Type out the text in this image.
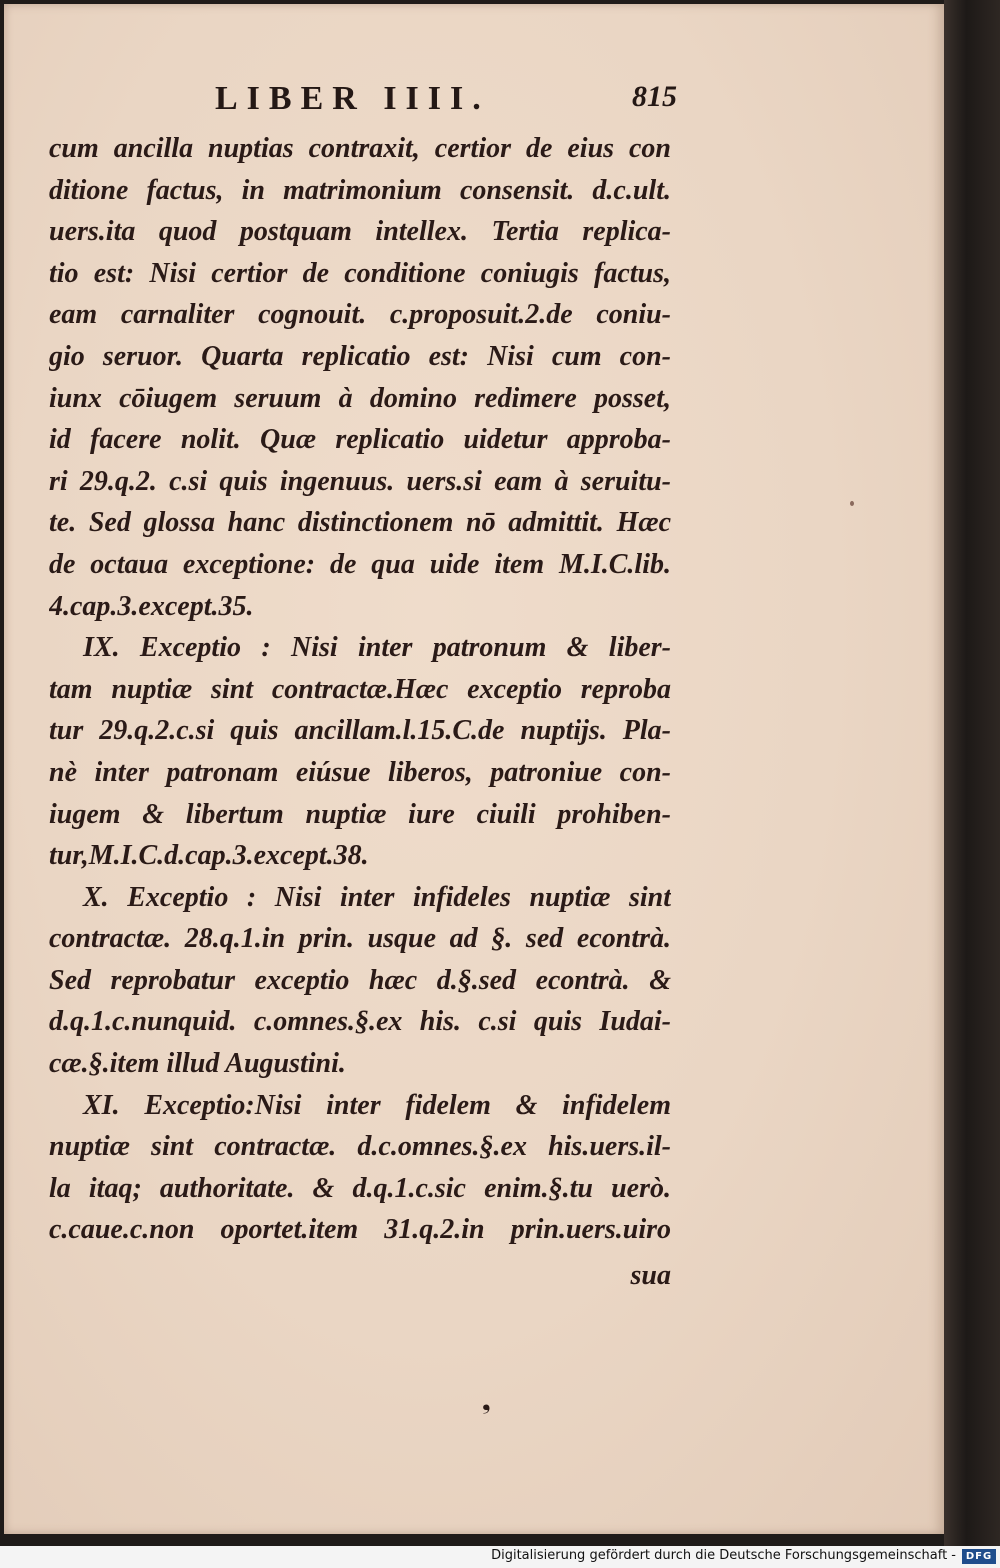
LIBER IIII.	815
cum ancilla nuptias contraxit, certior de eius con
ditione factus, in matrimonium consensit. d.c.ult.
uers.ita quod postquam intellex. Tertia replica-
tio est: Nisi certior de conditione coniugis factus,
eam carnaliter cognouit. c.proposuit.2.de coniu-
gio seruor. Quarta replicatio est: Nisi cum con-
iunx cōiugem seruum à domino redimere posset,
id facere nolit. Quæ replicatio uidetur approba-
ri 29.q.2. c.si quis ingenuus. uers.si eam à seruitu-
te. Sed glossa hanc distinctionem nō admittit. Hæc
de octaua exceptione: de qua uide item M.I.C.lib.
4.cap.3.except.35.
IX. Exceptio : Nisi inter patronum & liber-
tam nuptiæ sint contractæ.Hæc exceptio reproba
tur 29.q.2.c.si quis ancillam.l.15.C.de nuptijs. Pla-
nè inter patronam eiúsue liberos, patroniue con-
iugem & libertum nuptiæ iure ciuili prohiben-
tur,M.I.C.d.cap.3.except.38.
X. Exceptio : Nisi inter infideles nuptiæ sint
contractæ. 28.q.1.in prin. usque ad §. sed econtrà.
Sed reprobatur exceptio hæc d.§.sed econtrà. &
d.q.1.c.nunquid. c.omnes.§.ex his. c.si quis Iudai-
cæ.§.item illud Augustini.
XI. Exceptio:Nisi inter fidelem & infidelem
nuptiæ sint contractæ. d.c.omnes.§.ex his.uers.il-
la itaq; authoritate. & d.q.1.c.sic enim.§.tu uerò.
c.caue.c.non oportet.item 31.q.2.in prin.uers.uiro
sua
❟
Digitalisierung gefördert durch die Deutsche Forschungsgemeinschaft - DFG
